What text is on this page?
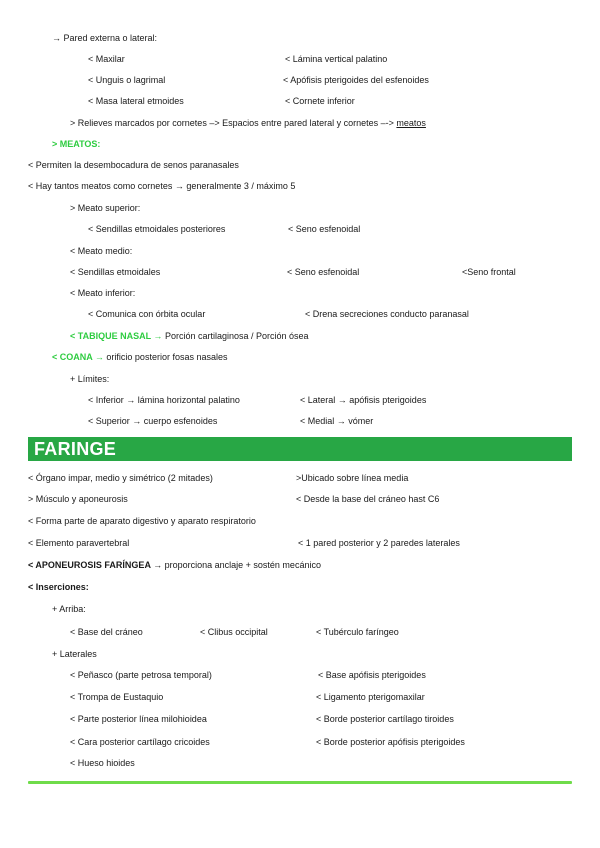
→ Pared externa o lateral:
< Maxilar	< Lámina vertical palatino
< Unguis o lagrimal	< Apófisis pterigoides del esfenoides
< Masa lateral etmoides	< Cornete inferior
> Relieves marcados por cornetes –> Espacios entre pared lateral y cornetes –-> meatos
> MEATOS:
< Permiten la desembocadura de senos paranasales
< Hay tantos meatos como cornetes → generalmente 3 / máximo 5
> Meato superior:
< Sendillas etmoidales posteriores	< Seno esfenoidal
< Meato medio:
< Sendillas etmoidales	< Seno esfenoidal	<Seno frontal
< Meato inferior:
< Comunica con órbita ocular	< Drena secreciones conducto paranasal
< TABIQUE NASAL → Porción cartilaginosa / Porción ósea
< COANA → orificio posterior fosas nasales
+ Límites:
< Inferior → lámina horizontal palatino	< Lateral → apófisis pterigoides
< Superior → cuerpo esfenoides	< Medial → vómer
FARINGE
< Órgano impar, medio y simétrico (2 mitades)	>Ubicado sobre línea media
> Músculo y aponeurosis	< Desde la base del cráneo hast C6
< Forma parte de aparato digestivo y aparato respiratorio
< Elemento paravertebral	< 1 pared posterior y 2 paredes laterales
< APONEUROSIS FARÍNGEA → proporciona anclaje + sostén mecánico
< Inserciones:
+ Arriba:
< Base del cráneo	< Clibus occipital	< Tubérculo faríngeo
+ Laterales
< Peñasco (parte petrosa temporal)	< Base apófisis pterigoides
< Trompa de Eustaquio	< Ligamento pterigomaxilar
< Parte posterior línea milohioidea	< Borde posterior cartílago tiroides
< Cara posterior cartílago cricoides	< Borde posterior apófisis pterigoides
< Hueso hioides
